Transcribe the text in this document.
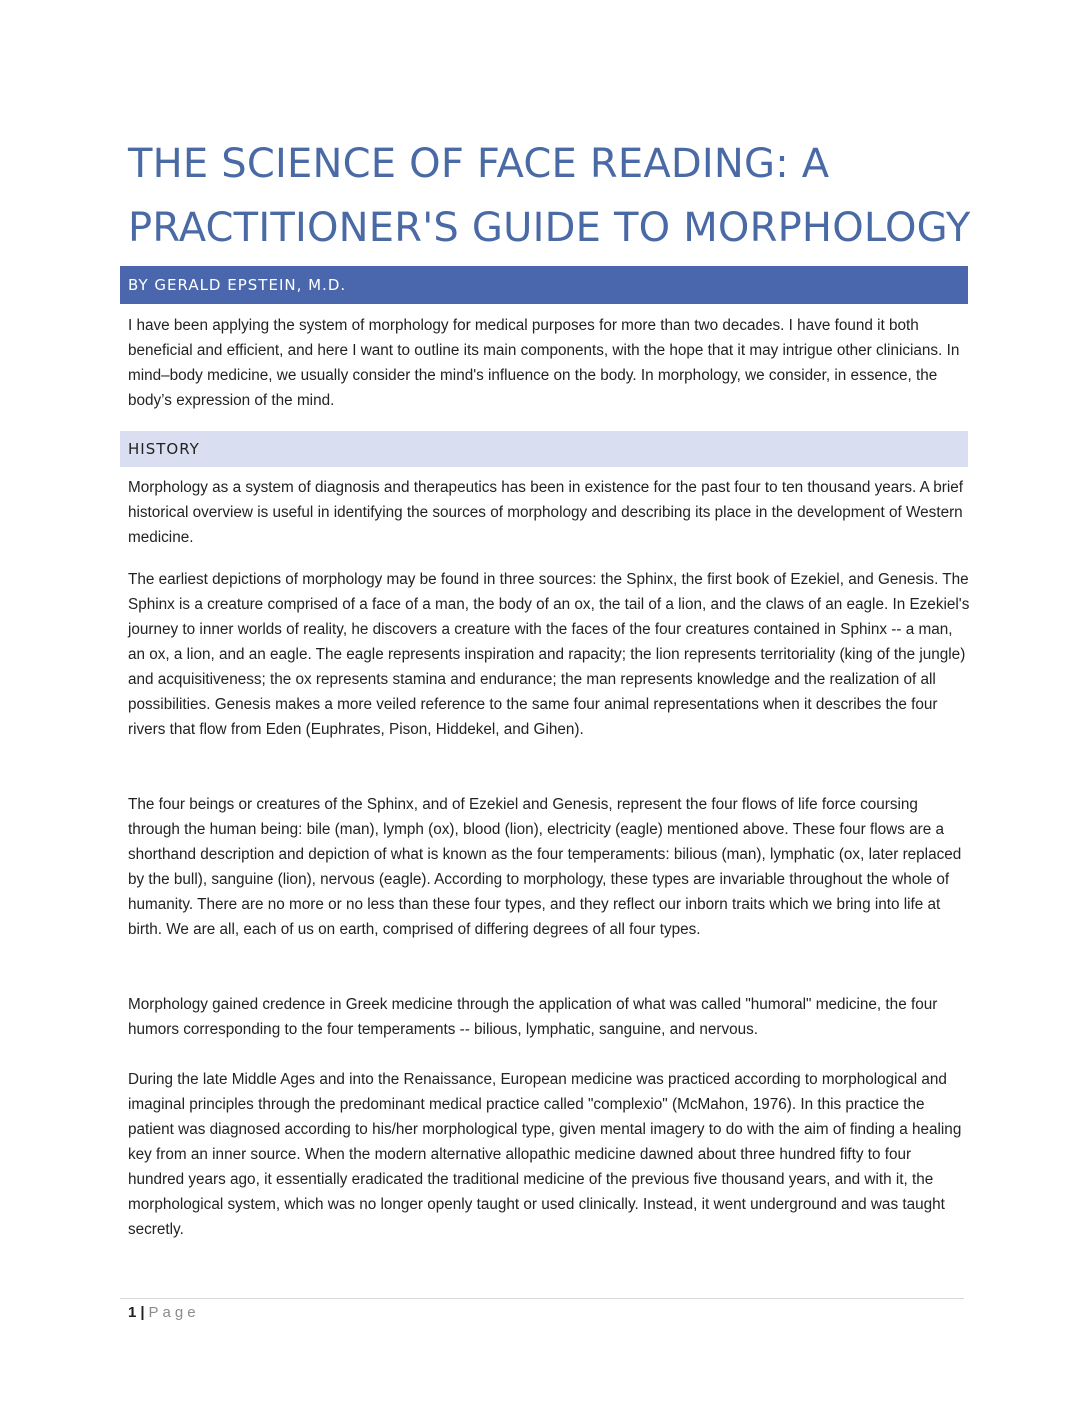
THE SCIENCE OF FACE READING: A PRACTITIONER'S GUIDE TO MORPHOLOGY
BY GERALD EPSTEIN, M.D.

I have been applying the system of morphology for medical purposes for more than two decades. I have found it both beneficial and efficient, and here I want to outline its main components, with the hope that it may intrigue other clinicians. In mind–body medicine, we usually consider the mind's influence on the body. In morphology, we consider, in essence, the body’s expression of the mind.

HISTORY

Morphology as a system of diagnosis and therapeutics has been in existence for the past four to ten thousand years. A brief historical overview is useful in identifying the sources of morphology and describing its place in the development of Western medicine.

The earliest depictions of morphology may be found in three sources: the Sphinx, the first book of Ezekiel, and Genesis. The Sphinx is a creature comprised of a face of a man, the body of an ox, the tail of a lion, and the claws of an eagle. In Ezekiel's journey to inner worlds of reality, he discovers a creature with the faces of the four creatures contained in Sphinx -- a man, an ox, a lion, and an eagle. The eagle represents inspiration and rapacity; the lion represents territoriality (king of the jungle) and acquisitiveness; the ox represents stamina and endurance; the man represents knowledge and the realization of all possibilities. Genesis makes a more veiled reference to the same four animal representations when it describes the four rivers that flow from Eden (Euphrates, Pison, Hiddekel, and Gihen).

The four beings or creatures of the Sphinx, and of Ezekiel and Genesis, represent the four flows of life force coursing through the human being: bile (man), lymph (ox), blood (lion), electricity (eagle) mentioned above. These four flows are a shorthand description and depiction of what is known as the four temperaments: bilious (man), lymphatic (ox, later replaced by the bull), sanguine (lion), nervous (eagle). According to morphology, these types are invariable throughout the whole of humanity. There are no more or no less than these four types, and they reflect our inborn traits which we bring into life at birth. We are all, each of us on earth, comprised of differing degrees of all four types.

Morphology gained credence in Greek medicine through the application of what was called "humoral" medicine, the four humors corresponding to the four temperaments -- bilious, lymphatic, sanguine, and nervous.

During the late Middle Ages and into the Renaissance, European medicine was practiced according to morphological and imaginal principles through the predominant medical practice called "complexio" (McMahon, 1976). In this practice the patient was diagnosed according to his/her morphological type, given mental imagery to do with the aim of finding a healing key from an inner source. When the modern alternative allopathic medicine dawned about three hundred fifty to four hundred years ago, it essentially eradicated the traditional medicine of the previous five thousand years, and with it, the morphological system, which was no longer openly taught or used clinically. Instead, it went underground and was taught secretly.

1 | Page
